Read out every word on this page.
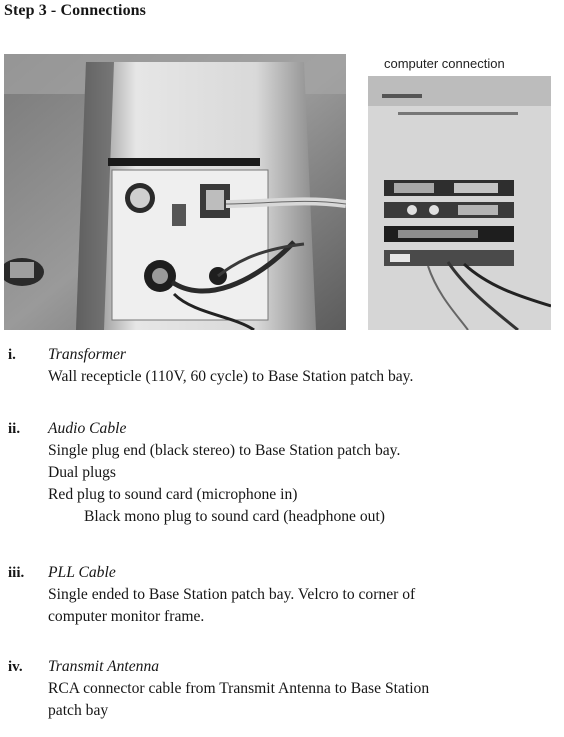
Step 3 - Connections
computer connection
i.	Transformer
Wall recepticle (110V, 60 cycle) to Base Station patch bay.
ii.	Audio Cable
Single plug end (black stereo) to Base Station patch bay.
Dual plugs
Red plug to sound card (microphone in)
Black mono plug to sound card (headphone out)
iii.	PLL Cable
Single ended to Base Station patch bay. Velcro to corner of
computer monitor frame.
iv.	Transmit Antenna
RCA connector cable from Transmit Antenna to Base Station
patch bay
